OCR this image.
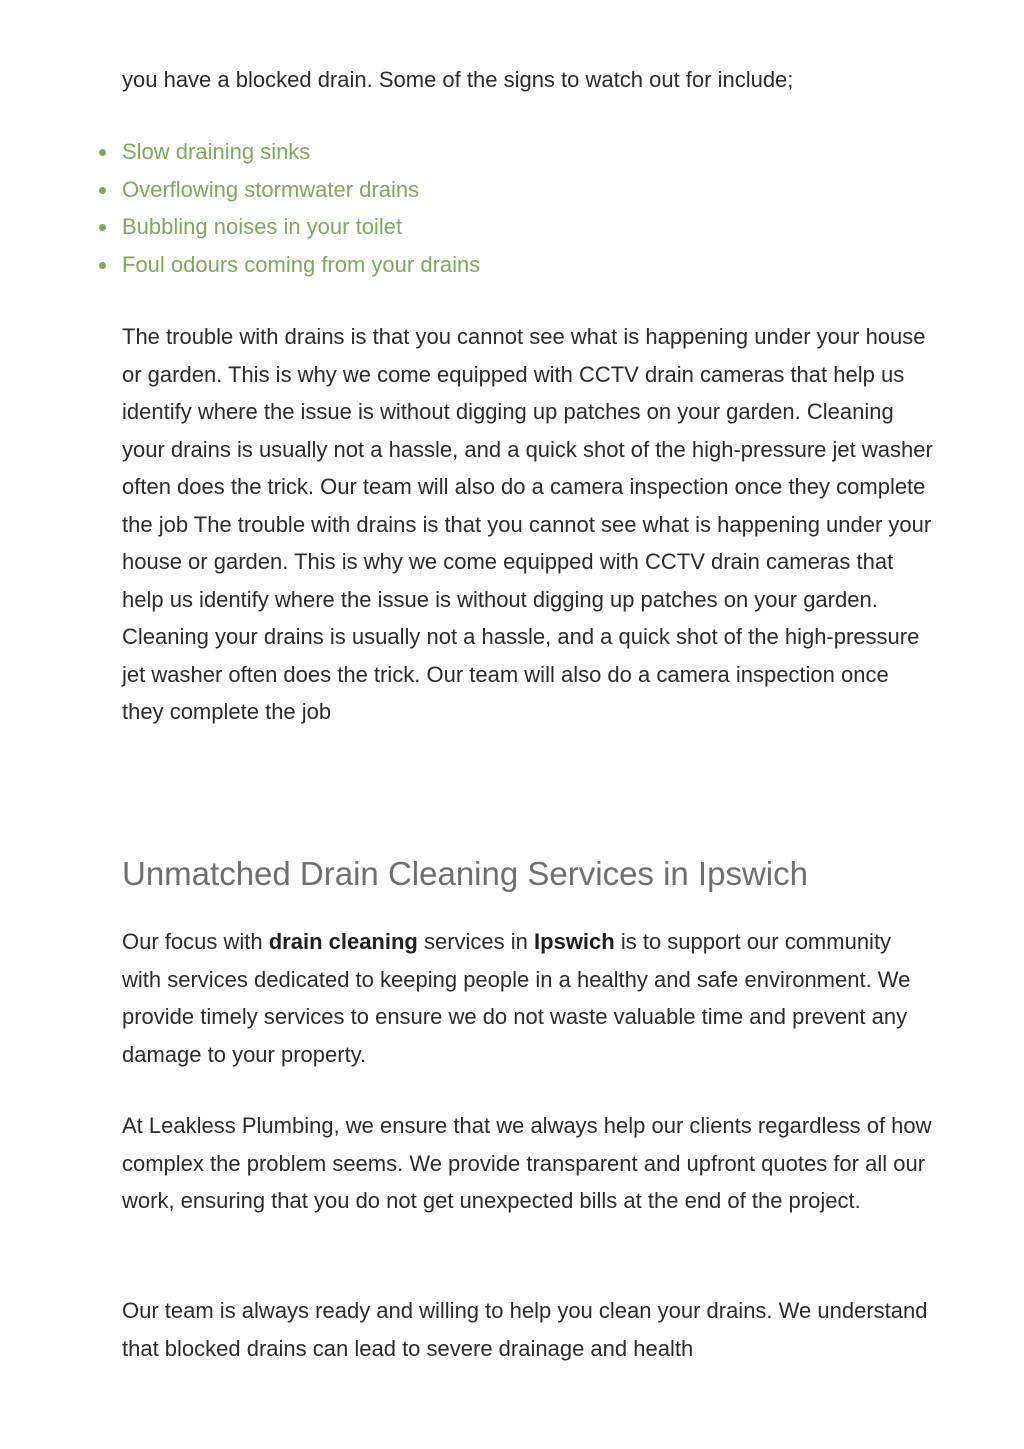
you have a blocked drain. Some of the signs to watch out for include;

Slow draining sinks
Overflowing stormwater drains
Bubbling noises in your toilet
Foul odours coming from your drains

The trouble with drains is that you cannot see what is happening under your house or garden. This is why we come equipped with CCTV drain cameras that help us identify where the issue is without digging up patches on your garden. Cleaning your drains is usually not a hassle, and a quick shot of the high-pressure jet washer often does the trick. Our team will also do a camera inspection once they complete the job The trouble with drains is that you cannot see what is happening under your house or garden. This is why we come equipped with CCTV drain cameras that help us identify where the issue is without digging up patches on your garden. Cleaning your drains is usually not a hassle, and a quick shot of the high-pressure jet washer often does the trick. Our team will also do a camera inspection once they complete the job

Unmatched Drain Cleaning Services in Ipswich

Our focus with drain cleaning services in Ipswich is to support our community with services dedicated to keeping people in a healthy and safe environment. We provide timely services to ensure we do not waste valuable time and prevent any damage to your property.

At Leakless Plumbing, we ensure that we always help our clients regardless of how complex the problem seems. We provide transparent and upfront quotes for all our work, ensuring that you do not get unexpected bills at the end of the project.

Our team is always ready and willing to help you clean your drains. We understand that blocked drains can lead to severe drainage and health
